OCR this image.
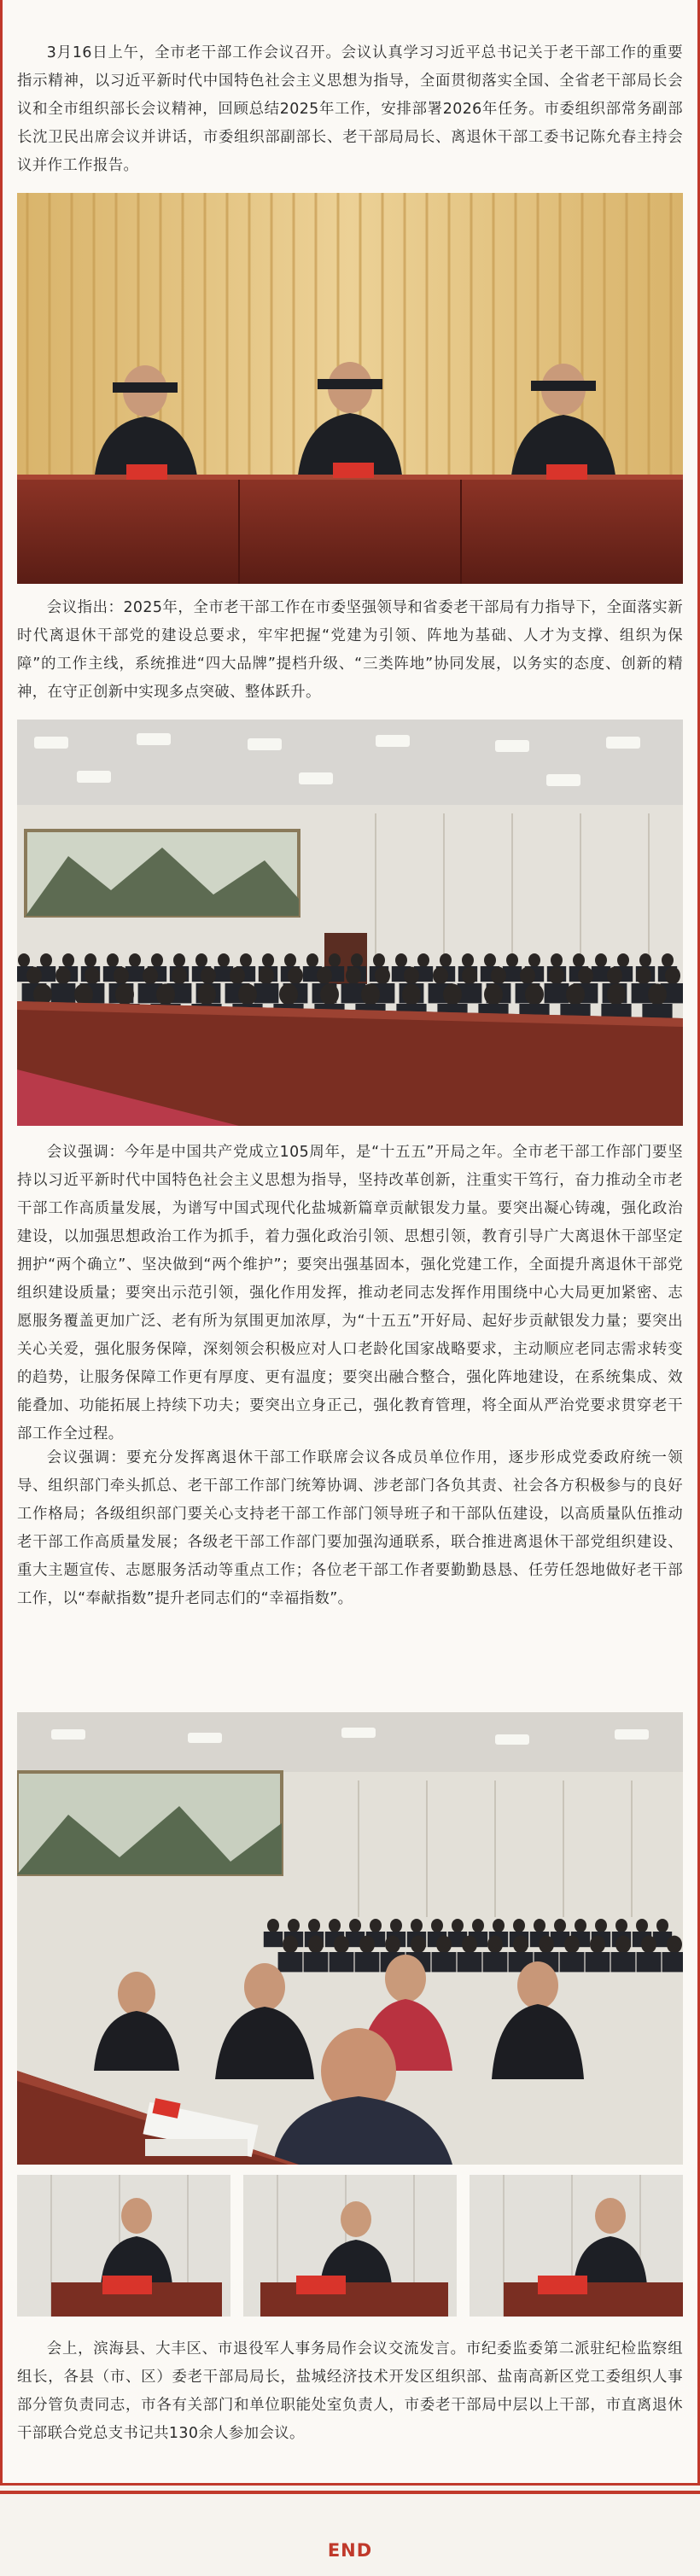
3月16日上午，全市老干部工作会议召开。会议认真学习习近平总书记关于老干部工作的重要指示精神，以习近平新时代中国特色社会主义思想为指导，全面贯彻落实全国、全省老干部局长会议和全市组织部长会议精神，回顾总结2025年工作，安排部署2026年任务。市委组织部常务副部长沈卫民出席会议并讲话，市委组织部副部长、老干部局局长、离退休干部工委书记陈允春主持会议并作工作报告。

会议指出：2025年，全市老干部工作在市委坚强领导和省委老干部局有力指导下，全面落实新时代离退休干部党的建设总要求，牢牢把握“党建为引领、阵地为基础、人才为支撑、组织为保障”的工作主线，系统推进“四大品牌”提档升级、“三类阵地”协同发展，以务实的态度、创新的精神，在守正创新中实现多点突破、整体跃升。

会议强调：今年是中国共产党成立105周年，是“十五五”开局之年。全市老干部工作部门要坚持以习近平新时代中国特色社会主义思想为指导，坚持改革创新，注重实干笃行，奋力推动全市老干部工作高质量发展，为谱写中国式现代化盐城新篇章贡献银发力量。要突出凝心铸魂，强化政治建设，以加强思想政治工作为抓手，着力强化政治引领、思想引领，教育引导广大离退休干部坚定拥护“两个确立”、坚决做到“两个维护”；要突出强基固本，强化党建工作，全面提升离退休干部党组织建设质量；要突出示范引领，强化作用发挥，推动老同志发挥作用围绕中心大局更加紧密、志愿服务覆盖更加广泛、老有所为氛围更加浓厚，为“十五五”开好局、起好步贡献银发力量；要突出关心关爱，强化服务保障，深刻领会积极应对人口老龄化国家战略要求，主动顺应老同志需求转变的趋势，让服务保障工作更有厚度、更有温度；要突出融合整合，强化阵地建设，在系统集成、效能叠加、功能拓展上持续下功夫；要突出立身正己，强化教育管理，将全面从严治党要求贯穿老干部工作全过程。

会议强调：要充分发挥离退休干部工作联席会议各成员单位作用，逐步形成党委政府统一领导、组织部门牵头抓总、老干部工作部门统筹协调、涉老部门各负其责、社会各方积极参与的良好工作格局；各级组织部门要关心支持老干部工作部门领导班子和干部队伍建设，以高质量队伍推动老干部工作高质量发展；各级老干部工作部门要加强沟通联系，联合推进离退休干部党组织建设、重大主题宣传、志愿服务活动等重点工作；各位老干部工作者要勤勤恳恳、任劳任怨地做好老干部工作，以“奉献指数”提升老同志们的“幸福指数”。

会上，滨海县、大丰区、市退役军人事务局作会议交流发言。市纪委监委第二派驻纪检监察组组长，各县（市、区）委老干部局局长，盐城经济技术开发区组织部、盐南高新区党工委组织人事部分管负责同志，市各有关部门和单位职能处室负责人，市委老干部局中层以上干部，市直离退休干部联合党总支书记共130余人参加会议。

END
